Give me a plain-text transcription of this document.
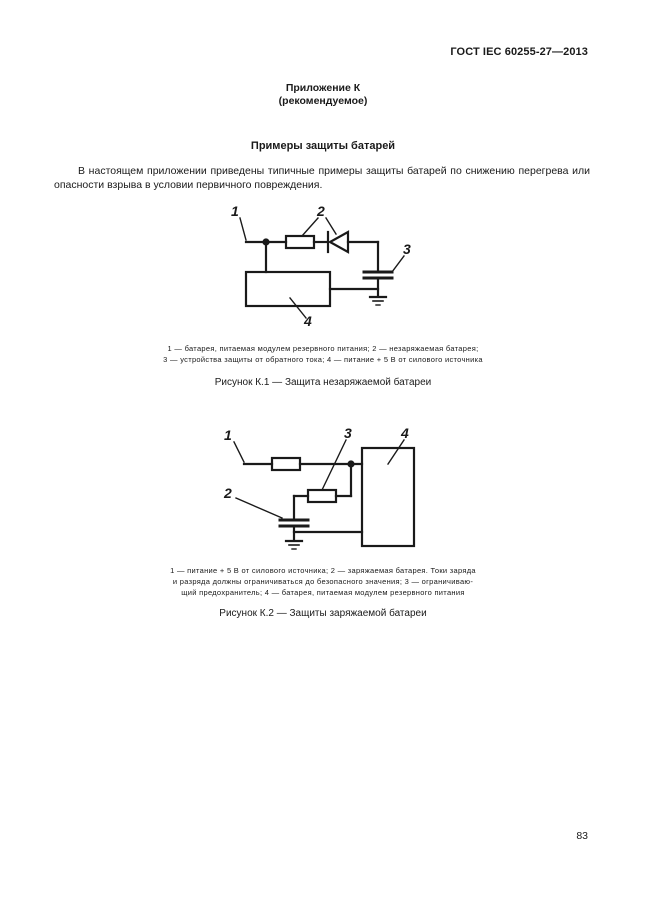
ГОСТ IEC 60255-27—2013
Приложение К
(рекомендуемое)
Примеры защиты батарей

В настоящем приложении приведены типичные примеры защиты батарей по снижению перегрева или опасности взрыва в условии первичного повреждения.

1	2
3
4
1 — батарея, питаемая модулем резервного питания; 2 — незаряжаемая батарея;
3 — устройства защиты от обратного тока; 4 — питание + 5 В от силового источника
Рисунок К.1 — Защита незаряжаемой батареи
1
2
3	4
1 — питание + 5 В от силового источника; 2 — заряжаемая батарея. Токи заряда
и разряда должны ограничиваться до безопасного значения; 3 — ограничиваю-
щий предохранитель; 4 — батарея, питаемая модулем резервного питания
Рисунок К.2 — Защиты заряжаемой батареи
83
